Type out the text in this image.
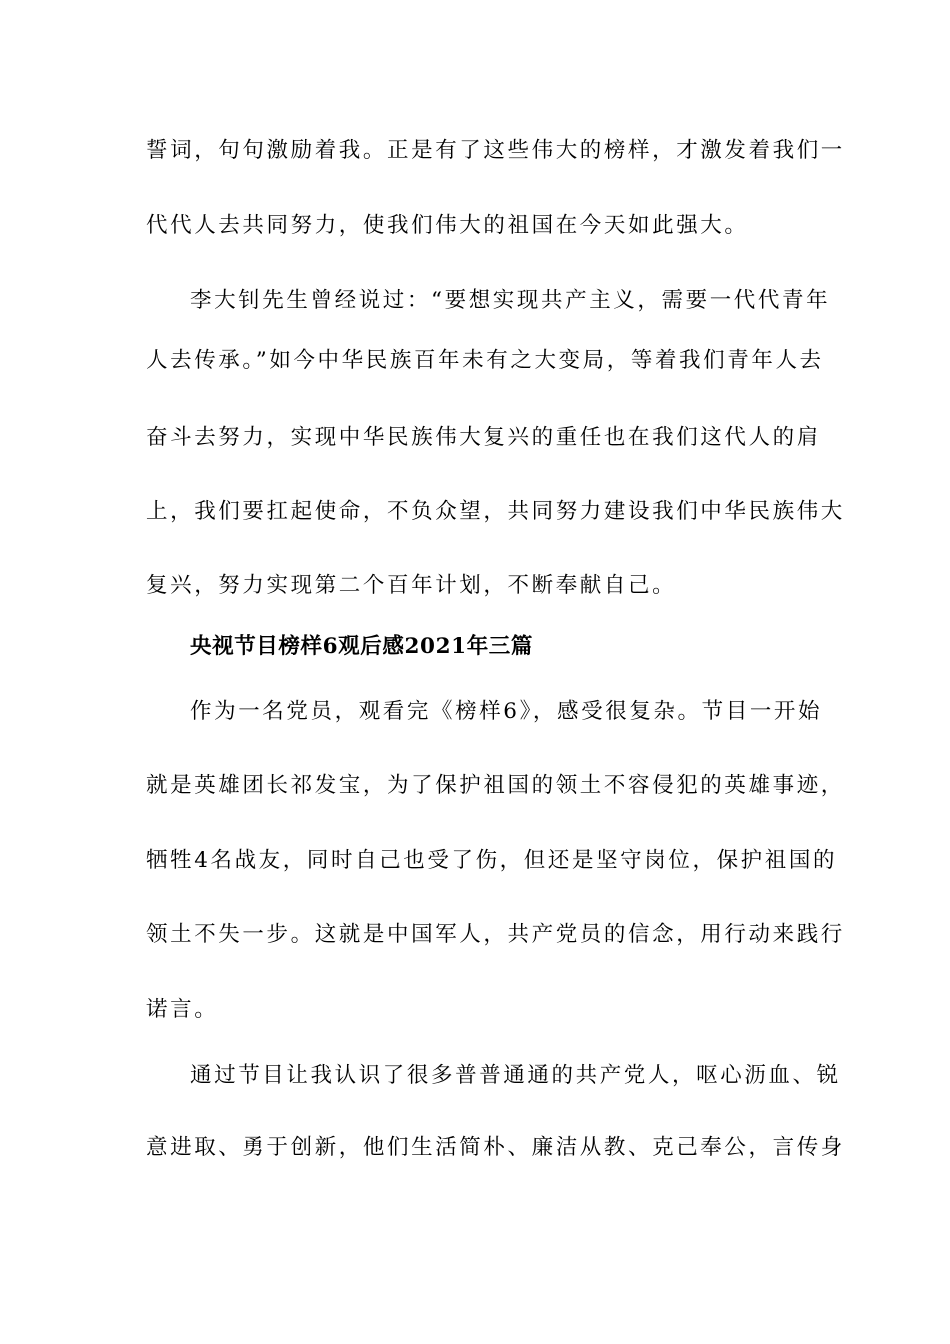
誓词，句句激励着我。正是有了这些伟大的榜样，才激发着我们一
代代人去共同努力，使我们伟大的祖国在今天如此强大。
李大钊先生曾经说过：“要想实现共产主义，需要一代代青年
人去传承。”如今中华民族百年未有之大变局，等着我们青年人去
奋斗去努力，实现中华民族伟大复兴的重任也在我们这代人的肩
上，我们要扛起使命，不负众望，共同努力建设我们中华民族伟大
复兴，努力实现第二个百年计划，不断奉献自己。
央视节目榜样6观后感2021年三篇
作为一名党员，观看完《榜样6》，感受很复杂。节目一开始
就是英雄团长祁发宝，为了保护祖国的领土不容侵犯的英雄事迹，
牺牲4名战友，同时自己也受了伤，但还是坚守岗位，保护祖国的
领土不失一步。这就是中国军人，共产党员的信念，用行动来践行
诺言。
通过节目让我认识了很多普普通通的共产党人，呕心沥血、锐
意进取、勇于创新，他们生活简朴、廉洁从教、克己奉公，言传身
